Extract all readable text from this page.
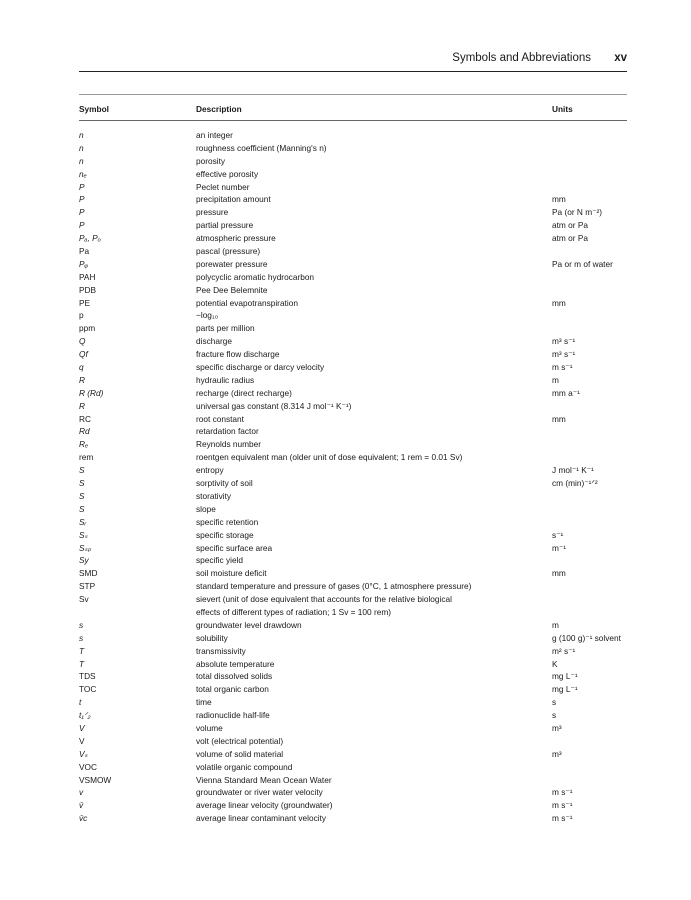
Symbols and Abbreviations xv
Symbol	Description	Units
n	an integer
n	roughness coefficient (Manning's n)
n	porosity
nₑ	effective porosity
P	Peclet number
P	precipitation amount	mm
P	pressure	Pa (or N m⁻²)
P	partial pressure	atm or Pa
Pₐ, Pₒ	atmospheric pressure	atm or Pa
Pa	pascal (pressure)
Pᵩ	porewater pressure	Pa or m of water
PAH	polycyclic aromatic hydrocarbon
PDB	Pee Dee Belemnite
PE	potential evapotranspiration	mm
p	−log₁₀
ppm	parts per million
Q	discharge	m³ s⁻¹
Qf	fracture flow discharge	m³ s⁻¹
q	specific discharge or darcy velocity	m s⁻¹
R	hydraulic radius	m
R (Rd)	recharge (direct recharge)	mm a⁻¹
R	universal gas constant (8.314 J mol⁻¹ K⁻¹)
RC	root constant	mm
Rd	retardation factor
Rₑ	Reynolds number
rem	roentgen equivalent man (older unit of dose equivalent; 1 rem = 0.01 Sv)
S	entropy	J mol⁻¹ K⁻¹
S	sorptivity of soil	cm (min)⁻¹ᐟ²
S	storativity
S	slope
Sᵣ	specific retention
Sₛ	specific storage	s⁻¹
Sₛₚ	specific surface area	m⁻¹
Sy	specific yield
SMD	soil moisture deficit	mm
STP	standard temperature and pressure of gases (0°C, 1 atmosphere pressure)
Sv	sievert (unit of dose equivalent that accounts for the relative biological
effects of different types of radiation; 1 Sv = 100 rem)
s	groundwater level drawdown	m
s	solubility	g (100 g)⁻¹ solvent
T	transmissivity	m² s⁻¹
T	absolute temperature	K
TDS	total dissolved solids	mg L⁻¹
TOC	total organic carbon	mg L⁻¹
t	time	s
t₁ᐟ₂	radionuclide half-life	s
V	volume	m³
V	volt (electrical potential)
Vₛ	volume of solid material	m³
VOC	volatile organic compound
VSMOW	Vienna Standard Mean Ocean Water
v	groundwater or river water velocity	m s⁻¹
v̄	average linear velocity (groundwater)	m s⁻¹
v̄c	average linear contaminant velocity	m s⁻¹
